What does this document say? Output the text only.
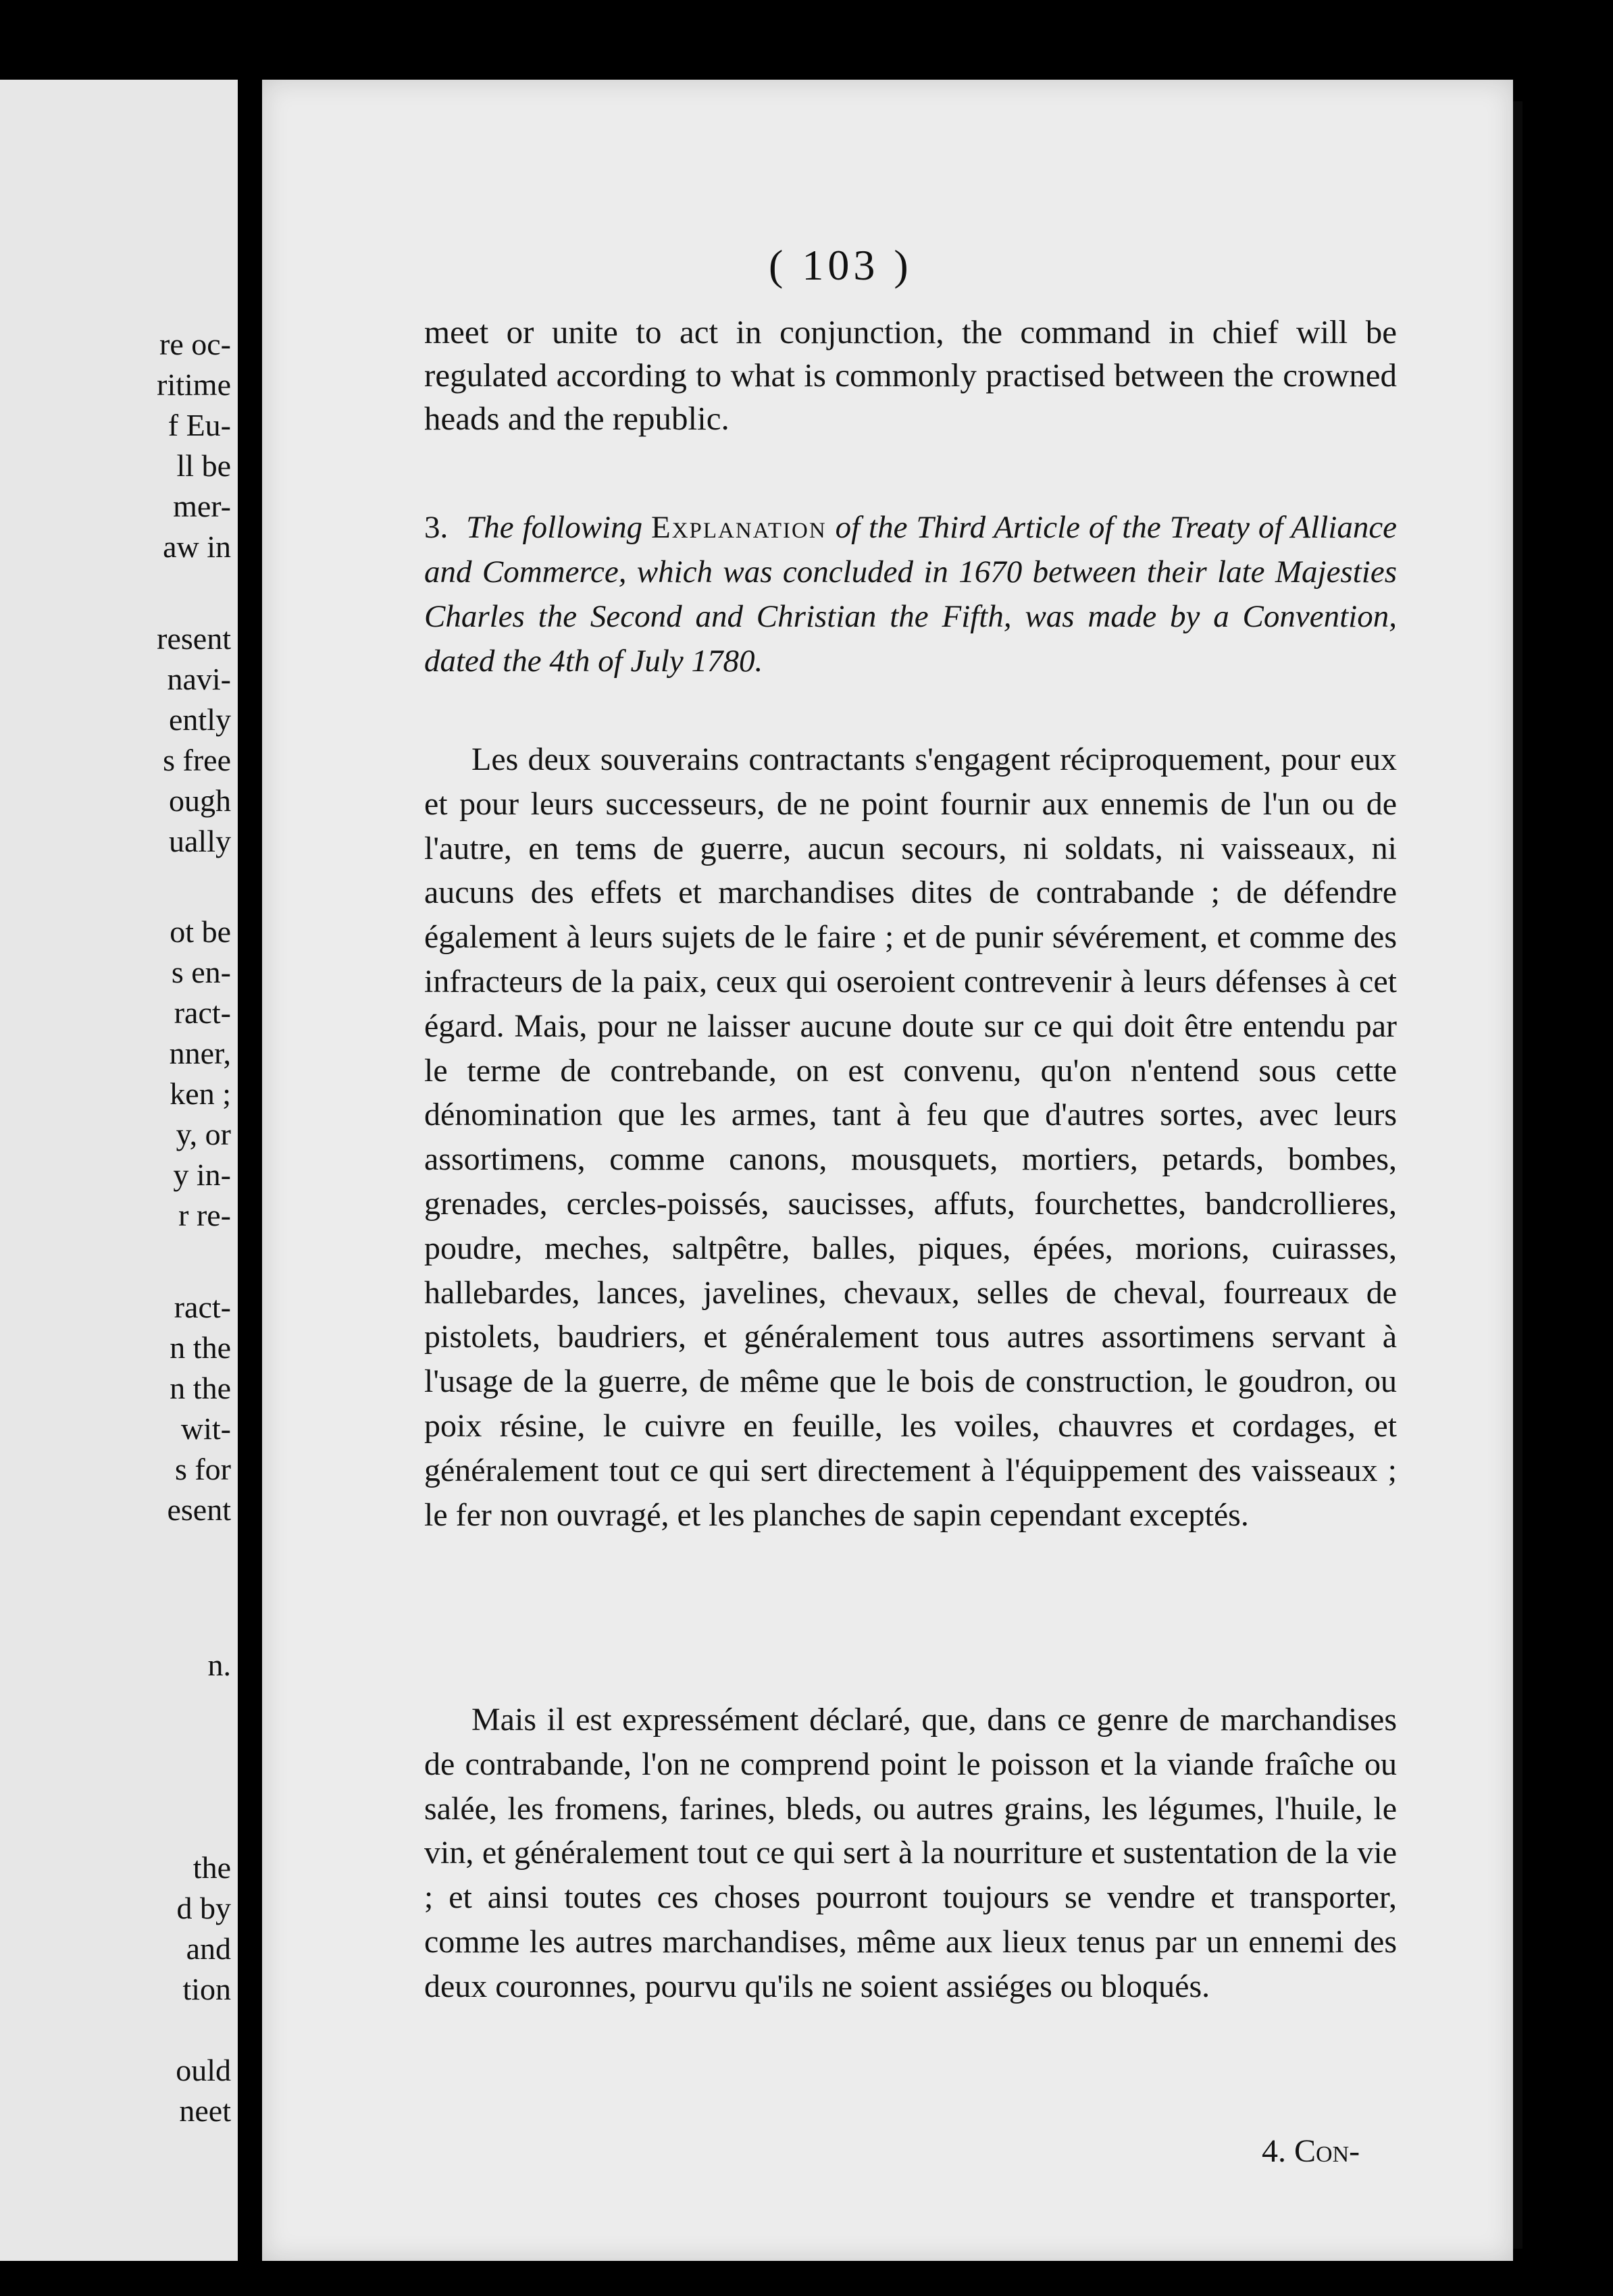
re oc-
ritime
f Eu-
ll be
mer-
aw in
resent
navi-
ently
s free
ough
ually
ot be
s en-
ract-
nner,
ken ;
y, or
y in-
r re-
ract-
n the
n the
wit-
s for
esent
n.
the
d by
and
tion
ould
neet
( 103 )
meet or unite to act in conjunction, the command in chief will be regulated according to what is commonly practised between the crowned heads and the republic.
3. The following Explanation of the Third Article of the Treaty of Alliance and Commerce, which was concluded in 1670 between their late Majesties Charles the Second and Christian the Fifth, was made by a Convention, dated the 4th of July 1780.
Les deux souverains contractants s'engagent réciproquement, pour eux et pour leurs successeurs, de ne point fournir aux ennemis de l'un ou de l'autre, en tems de guerre, aucun secours, ni soldats, ni vaisseaux, ni aucuns des effets et marchandises dites de contrabande ; de défendre également à leurs sujets de le faire ; et de punir sévérement, et comme des infracteurs de la paix, ceux qui oseroient contrevenir à leurs défenses à cet égard. Mais, pour ne laisser aucune doute sur ce qui doit être entendu par le terme de contrebande, on est convenu, qu'on n'entend sous cette dénomination que les armes, tant à feu que d'autres sortes, avec leurs assortimens, comme canons, mousquets, mortiers, petards, bombes, grenades, cercles-poissés, saucisses, affuts, fourchettes, bandcrollieres, poudre, meches, saltpêtre, balles, piques, épées, morions, cuirasses, hallebardes, lances, javelines, chevaux, selles de cheval, fourreaux de pistolets, baudriers, et généralement tous autres assortimens servant à l'usage de la guerre, de même que le bois de construction, le goudron, ou poix résine, le cuivre en feuille, les voiles, chauvres et cordages, et généralement tout ce qui sert directement à l'équippement des vaisseaux ; le fer non ouvragé, et les planches de sapin cependant exceptés.
Mais il est expressément déclaré, que, dans ce genre de marchandises de contrabande, l'on ne comprend point le poisson et la viande fraîche ou salée, les fromens, farines, bleds, ou autres grains, les légumes, l'huile, le vin, et généralement tout ce qui sert à la nourriture et sustentation de la vie ; et ainsi toutes ces choses pourront toujours se vendre et transporter, comme les autres marchandises, même aux lieux tenus par un ennemi des deux couronnes, pourvu qu'ils ne soient assiéges ou bloqués.
4. Con-
